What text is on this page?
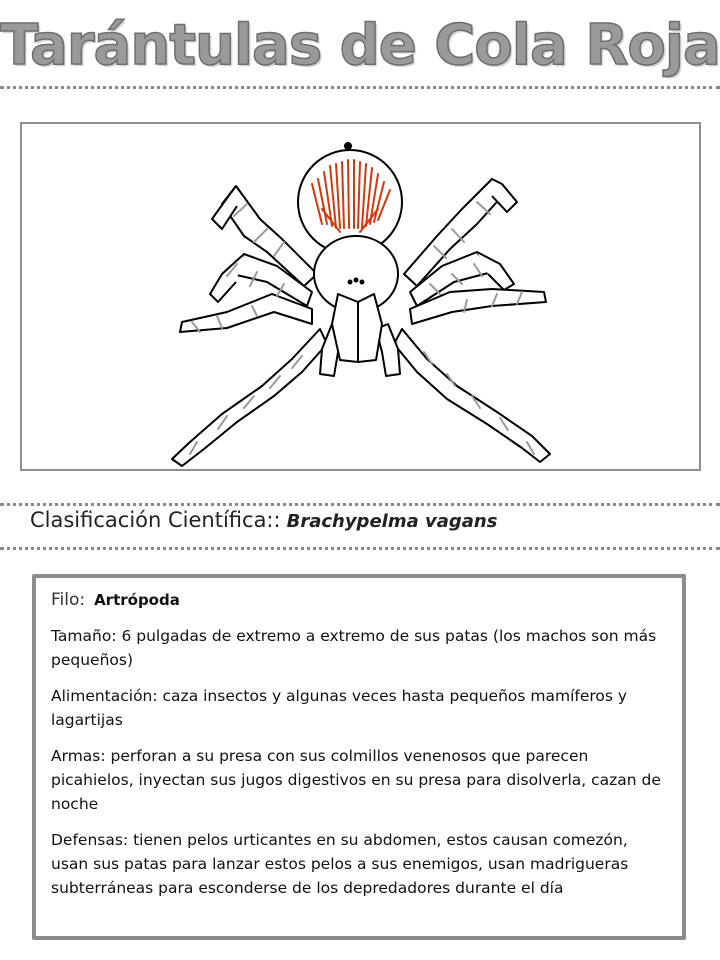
Tarántulas de Cola Roja
Clasificación Científica:: Brachypelma vagans

Filo: Artrópoda

Tamaño: 6 pulgadas de extremo a extremo de sus patas (los machos son más pequeños)

Alimentación: caza insectos y algunas veces hasta pequeños mamíferos y lagartijas

Armas: perforan a su presa con sus colmillos venenosos que parecen picahielos, inyectan sus jugos digestivos en su presa para disolverla, cazan de noche

Defensas: tienen pelos urticantes en su abdomen, estos causan comezón, usan sus patas para lanzar estos pelos a sus enemigos, usan madrigueras subterráneas para esconderse de los depredadores durante el día
